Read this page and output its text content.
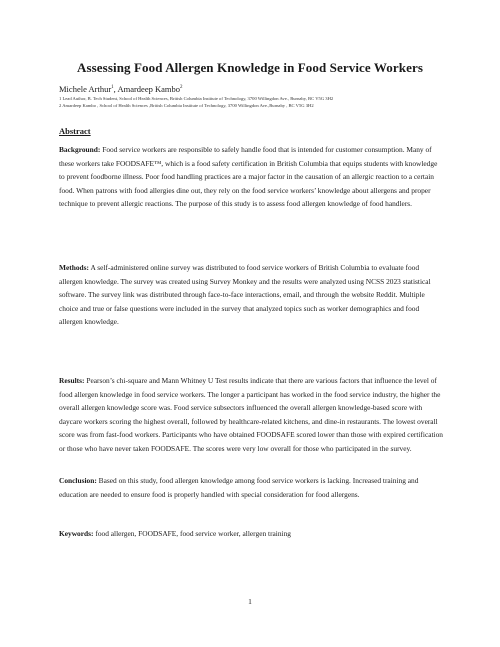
Assessing Food Allergen Knowledge in Food Service Workers
Michele Arthur$^1$, Amardeep Kambo$^2$
1 Lead Author, B. Tech Student, School of Health Sciences, British Columbia Institute of Technology, 3700 Willingdon Ave., Burnaby, BC V5G 3H2
2 Amardeep Kambo , School of Health Sciences ,British Columbia Institute of Technology, 3700 Willingdon Ave.,Burnaby , BC V5G 3H2
Abstract
Background: Food service workers are responsible to safely handle food that is intended for customer consumption. Many of these workers take FOODSAFE™, which is a food safety certification in British Columbia that equips students with knowledge to prevent foodborne illness. Poor food handling practices are a major factor in the causation of an allergic reaction to a certain food. When patrons with food allergies dine out, they rely on the food service workers’ knowledge about allergens and proper technique to prevent allergic reactions. The purpose of this study is to assess food allergen knowledge of food handlers.
Methods: A self-administered online survey was distributed to food service workers of British Columbia to evaluate food allergen knowledge. The survey was created using Survey Monkey and the results were analyzed using NCSS 2023 statistical software. The survey link was distributed through face-to-face interactions, email, and through the website Reddit. Multiple choice and true or false questions were included in the survey that analyzed topics such as worker demographics and food allergen knowledge.
Results: Pearson’s chi-square and Mann Whitney U Test results indicate that there are various factors that influence the level of food allergen knowledge in food service workers. The longer a participant has worked in the food service industry, the higher the overall allergen knowledge score was. Food service subsectors influenced the overall allergen knowledge-based score with daycare workers scoring the highest overall, followed by healthcare-related kitchens, and dine-in restaurants. The lowest overall score was from fast-food workers. Participants who have obtained FOODSAFE scored lower than those with expired certification or those who have never taken FOODSAFE. The scores were very low overall for those who participated in the survey.
Conclusion: Based on this study, food allergen knowledge among food service workers is lacking. Increased training and education are needed to ensure food is properly handled with special consideration for food allergens.
Keywords: food allergen, FOODSAFE, food service worker, allergen training
1
